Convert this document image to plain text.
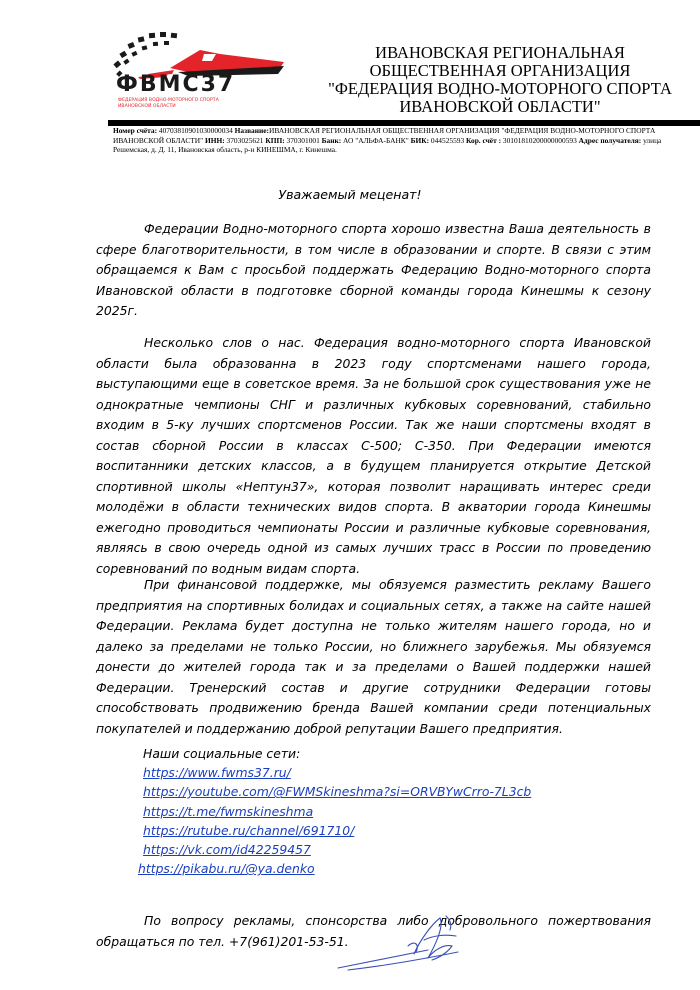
ФВМС37
ФЕДЕРАЦИЯ ВОДНО-МОТОРНОГО СПОРТА
ИВАНОВСКОЙ ОБЛАСТИ
ИВАНОВСКАЯ РЕГИОНАЛЬНАЯ
ОБЩЕСТВЕННАЯ ОРГАНИЗАЦИЯ
"ФЕДЕРАЦИЯ ВОДНО-МОТОРНОГО СПОРТА
ИВАНОВСКОЙ ОБЛАСТИ"
Номер счёта: 40703810901030000034 Название:ИВАНОВСКАЯ РЕГИОНАЛЬНАЯ ОБЩЕСТВЕННАЯ ОРГАНИЗАЦИЯ "ФЕДЕРАЦИЯ ВОДНО-МОТОРНОГО СПОРТА ИВАНОВСКОЙ ОБЛАСТИ" ИНН: 3703025621 КПП: 370301001 Банк: АО "АЛЬФА-БАНК" БИК: 044525593 Кор. счёт : 30101810200000000593 Адрес получателя: улица Решемская, д. Д. 11, Ивановская область, р-н КИНЕШМА, г. Кинешма.
Уважаемый меценат!

Федерации Водно-моторного спорта хорошо известна Ваша деятельность в сфере благотворительности, в том числе в образовании и спорте. В связи с этим обращаемся к Вам с просьбой поддержать Федерацию Водно-моторного спорта Ивановской области в подготовке сборной команды города Кинешмы к сезону 2025г.

Несколько слов о нас. Федерация водно-моторного спорта Ивановской области была образованна в 2023 году спортсменами нашего города, выступающими еще в советское время. За не большой срок существования уже не однократные чемпионы СНГ и различных кубковых соревнований, стабильно входим в 5-ку лучших спортсменов России. Так же наши спортсмены входят в состав сборной России в классах С-500; С-350. При Федерации имеются воспитанники детских классов, а в будущем планируется открытие Детской спортивной школы «Нептун37», которая позволит наращивать интерес среди молодёжи в области технических видов спорта. В акватории города Кинешмы ежегодно проводиться чемпионаты России и различные кубковые соревнования, являясь в свою очередь одной из самых лучших трасс в России по проведению соревнований по водным видам спорта.

При финансовой поддержке, мы обязуемся разместить рекламу Вашего предприятия на спортивных болидах и социальных сетях, а также на сайте нашей Федерации. Реклама будет доступна не только жителям нашего города, но и далеко за пределами не только России, но ближнего зарубежья. Мы обязуемся донести до жителей города так и за пределами о Вашей поддержки нашей Федерации. Тренерский состав и другие сотрудники Федерации готовы способствовать продвижению бренда Вашей компании среди потенциальных покупателей и поддержанию доброй репутации Вашего предприятия.

Наши социальные сети:
https://www.fwms37.ru/
https://youtube.com/@FWMSkineshma?si=ORVBYwCrro-7L3cb
https://t.me/fwmskineshma
https://rutube.ru/channel/691710/
https://vk.com/id42259457
https://pikabu.ru/@ya.denko

По вопросу рекламы, спонсорства либо добровольного пожертвования обращаться по тел. +7(961)201-53-51.
